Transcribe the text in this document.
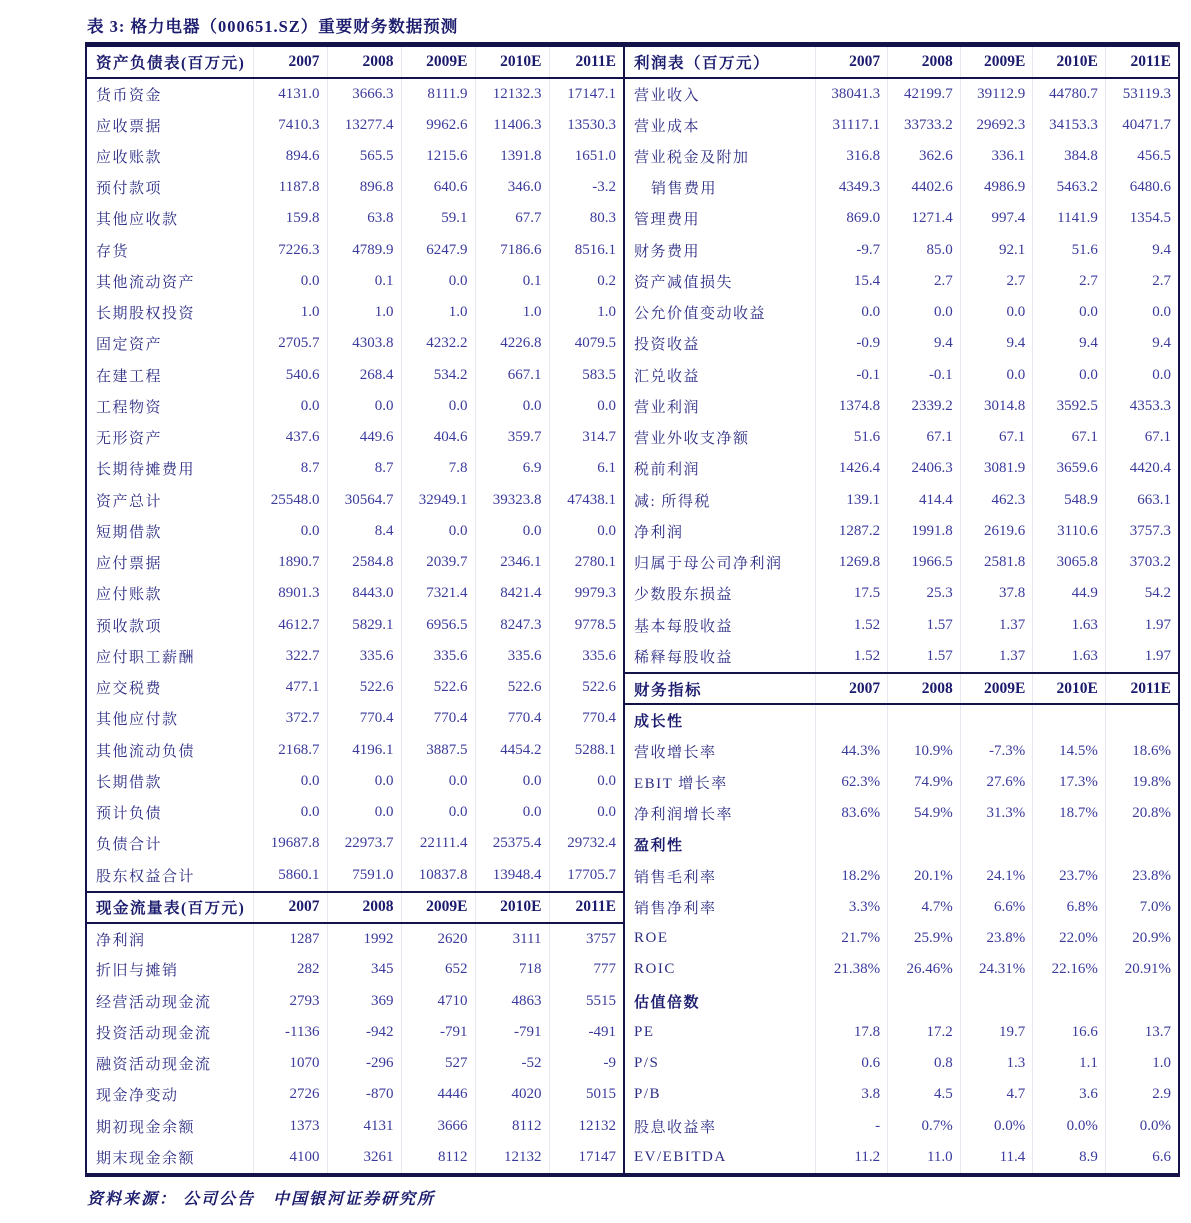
表 3: 格力电器（000651.SZ）重要财务数据预测
资产负债表(百万元)	2007	2008	2009E	2010E	2011E
货币资金	4131.0	3666.3	8111.9	12132.3	17147.1
应收票据	7410.3	13277.4	9962.6	11406.3	13530.3
应收账款	894.6	565.5	1215.6	1391.8	1651.0
预付款项	1187.8	896.8	640.6	346.0	-3.2
其他应收款	159.8	63.8	59.1	67.7	80.3
存货	7226.3	4789.9	6247.9	7186.6	8516.1
其他流动资产	0.0	0.1	0.0	0.1	0.2
长期股权投资	1.0	1.0	1.0	1.0	1.0
固定资产	2705.7	4303.8	4232.2	4226.8	4079.5
在建工程	540.6	268.4	534.2	667.1	583.5
工程物资	0.0	0.0	0.0	0.0	0.0
无形资产	437.6	449.6	404.6	359.7	314.7
长期待摊费用	8.7	8.7	7.8	6.9	6.1
资产总计	25548.0	30564.7	32949.1	39323.8	47438.1
短期借款	0.0	8.4	0.0	0.0	0.0
应付票据	1890.7	2584.8	2039.7	2346.1	2780.1
应付账款	8901.3	8443.0	7321.4	8421.4	9979.3
预收款项	4612.7	5829.1	6956.5	8247.3	9778.5
应付职工薪酬	322.7	335.6	335.6	335.6	335.6
应交税费	477.1	522.6	522.6	522.6	522.6
其他应付款	372.7	770.4	770.4	770.4	770.4
其他流动负债	2168.7	4196.1	3887.5	4454.2	5288.1
长期借款	0.0	0.0	0.0	0.0	0.0
预计负债	0.0	0.0	0.0	0.0	0.0
负债合计	19687.8	22973.7	22111.4	25375.4	29732.4
股东权益合计	5860.1	7591.0	10837.8	13948.4	17705.7
现金流量表(百万元)	2007	2008	2009E	2010E	2011E
净利润	1287	1992	2620	3111	3757
折旧与摊销	282	345	652	718	777
经营活动现金流	2793	369	4710	4863	5515
投资活动现金流	-1136	-942	-791	-791	-491
融资活动现金流	1070	-296	527	-52	-9
现金净变动	2726	-870	4446	4020	5015
期初现金余额	1373	4131	3666	8112	12132
期末现金余额	4100	3261	8112	12132	17147
利润表（百万元）	2007	2008	2009E	2010E	2011E
营业收入	38041.3	42199.7	39112.9	44780.7	53119.3
营业成本	31117.1	33733.2	29692.3	34153.3	40471.7
营业税金及附加	316.8	362.6	336.1	384.8	456.5
销售费用	4349.3	4402.6	4986.9	5463.2	6480.6
管理费用	869.0	1271.4	997.4	1141.9	1354.5
财务费用	-9.7	85.0	92.1	51.6	9.4
资产减值损失	15.4	2.7	2.7	2.7	2.7
公允价值变动收益	0.0	0.0	0.0	0.0	0.0
投资收益	-0.9	9.4	9.4	9.4	9.4
汇兑收益	-0.1	-0.1	0.0	0.0	0.0
营业利润	1374.8	2339.2	3014.8	3592.5	4353.3
营业外收支净额	51.6	67.1	67.1	67.1	67.1
税前利润	1426.4	2406.3	3081.9	3659.6	4420.4
减: 所得税	139.1	414.4	462.3	548.9	663.1
净利润	1287.2	1991.8	2619.6	3110.6	3757.3
归属于母公司净利润	1269.8	1966.5	2581.8	3065.8	3703.2
少数股东损益	17.5	25.3	37.8	44.9	54.2
基本每股收益	1.52	1.57	1.37	1.63	1.97
稀释每股收益	1.52	1.57	1.37	1.63	1.97
财务指标	2007	2008	2009E	2010E	2011E
成长性					
营收增长率	44.3%	10.9%	-7.3%	14.5%	18.6%
EBIT 增长率	62.3%	74.9%	27.6%	17.3%	19.8%
净利润增长率	83.6%	54.9%	31.3%	18.7%	20.8%
盈利性					
销售毛利率	18.2%	20.1%	24.1%	23.7%	23.8%
销售净利率	3.3%	4.7%	6.6%	6.8%	7.0%
ROE	21.7%	25.9%	23.8%	22.0%	20.9%
ROIC	21.38%	26.46%	24.31%	22.16%	20.91%
估值倍数					
PE	17.8	17.2	19.7	16.6	13.7
P/S	0.6	0.8	1.3	1.1	1.0
P/B	3.8	4.5	4.7	3.6	2.9
股息收益率	-	0.7%	0.0%	0.0%	0.0%
EV/EBITDA	11.2	11.0	11.4	8.9	6.6
资料来源： 公司公告　中国银河证券研究所
